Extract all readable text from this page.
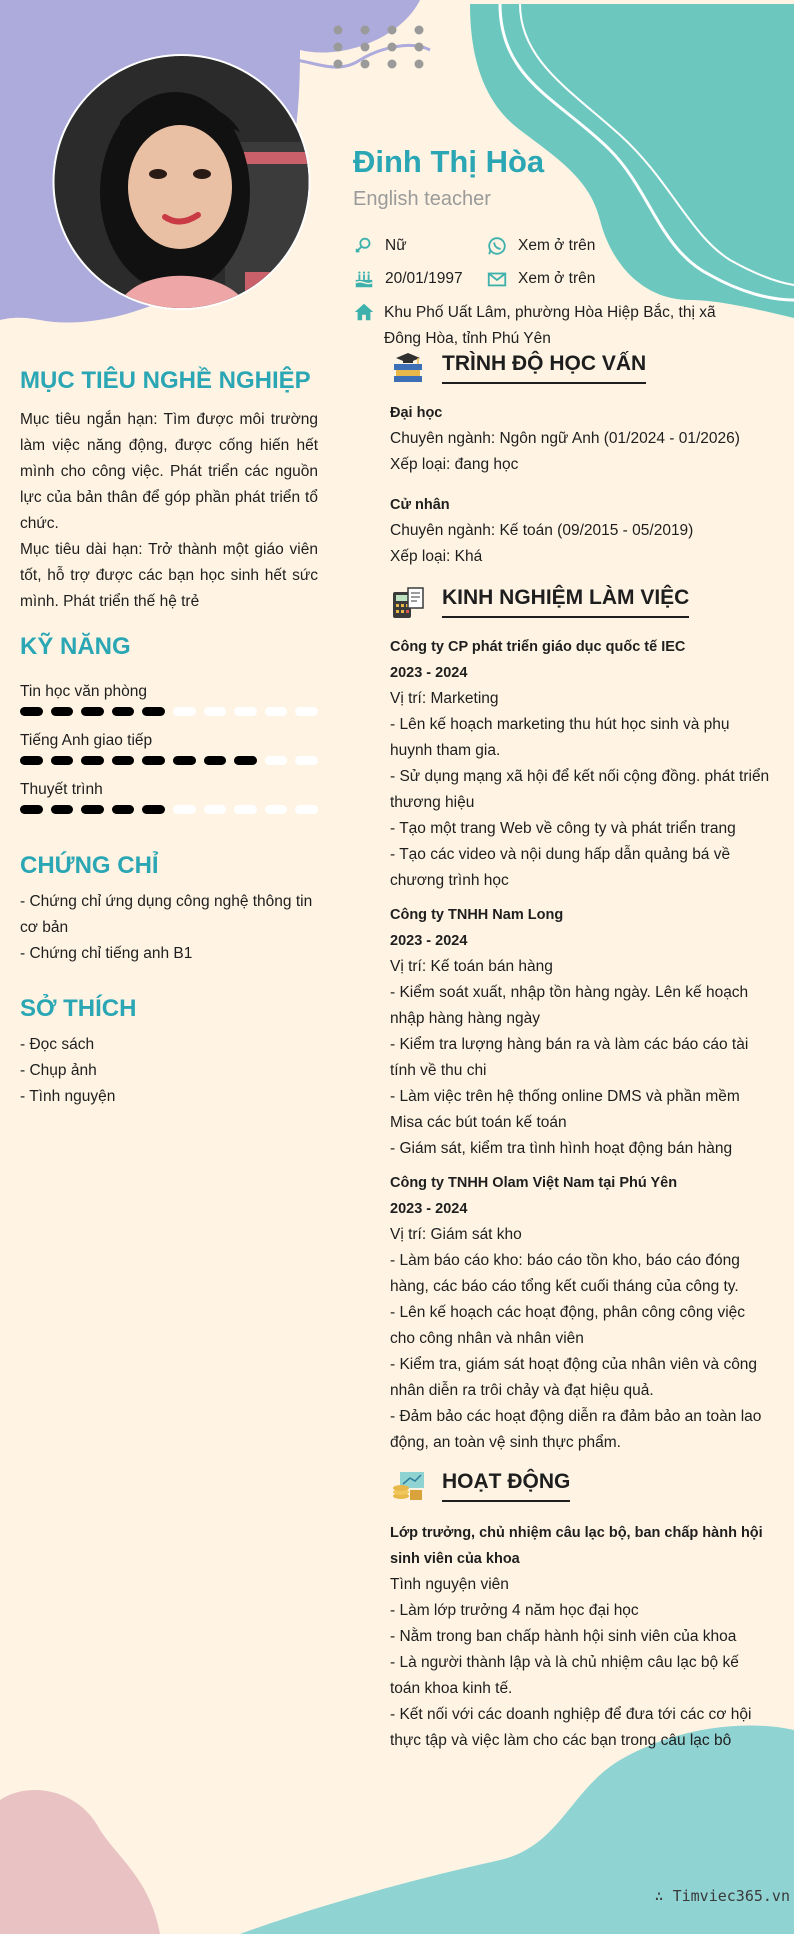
Đinh Thị Hòa
English teacher
Nữ	Xem ở trên
20/01/1997	Xem ở trên
Khu Phố Uất Lâm, phường Hòa Hiệp Bắc, thị xã
Đông Hòa, tỉnh Phú Yên
MỤC TIÊU NGHỀ NGHIỆP
Mục tiêu ngắn hạn: Tìm được môi trường làm việc năng động, được cống hiến hết mình cho công việc. Phát triển các nguồn lực của bản thân để góp phần phát triển tổ chức.
Mục tiêu dài hạn: Trở thành một giáo viên tốt, hỗ trợ được các bạn học sinh hết sức mình. Phát triển thế hệ trẻ
KỸ NĂNG
Tin học văn phòng
Tiếng Anh giao tiếp
Thuyết trình
CHỨNG CHỈ
- Chứng chỉ ứng dụng công nghệ thông tin cơ bản
- Chứng chỉ tiếng anh B1
SỞ THÍCH
- Đọc sách
- Chụp ảnh
- Tình nguyện
TRÌNH ĐỘ HỌC VẤN
Đại học
Chuyên ngành: Ngôn ngữ Anh (01/2024 - 01/2026)
Xếp loại: đang học
Cử nhân
Chuyên ngành: Kế toán (09/2015 - 05/2019)
Xếp loại: Khá
KINH NGHIỆM LÀM VIỆC
Công ty CP phát triển giáo dục quốc tế IEC
2023 - 2024
Vị trí: Marketing
- Lên kế hoạch marketing thu hút học sinh và phụ huynh tham gia.
- Sử dụng mạng xã hội để kết nối cộng đồng. phát triển thương hiệu
- Tạo một trang Web về công ty và phát triển trang
- Tạo các video và nội dung hấp dẫn quảng bá về chương trình học
Công ty TNHH Nam Long
2023 - 2024
Vị trí: Kế toán bán hàng
- Kiểm soát xuất, nhập tồn hàng ngày. Lên kế hoạch nhập hàng hàng ngày
- Kiểm tra lượng hàng bán ra và làm các báo cáo tài tính về thu chi
- Làm việc trên hệ thống online DMS và phần mềm Misa các bút toán kế toán
- Giám sát, kiểm tra tình hình hoạt động bán hàng
Công ty TNHH Olam Việt Nam tại Phú Yên
2023 - 2024
Vị trí: Giám sát kho
- Làm báo cáo kho: báo cáo tồn kho, báo cáo đóng hàng, các báo cáo tổng kết cuối tháng của công ty.
- Lên kế hoạch các hoạt động, phân công công việc cho công nhân và nhân viên
- Kiểm tra, giám sát hoạt động của nhân viên và công nhân diễn ra trôi chảy và đạt hiệu quả.
- Đảm bảo các hoạt động diễn ra đảm bảo an toàn lao động, an toàn vệ sinh thực phẩm.
HOẠT ĐỘNG
Lớp trưởng, chủ nhiệm câu lạc bộ, ban chấp hành hội sinh viên của khoa
Tình nguyện viên
- Làm lớp trưởng 4 năm học đại học
- Nằm trong ban chấp hành hội sinh viên của khoa
- Là người thành lập và là chủ nhiệm câu lạc bộ kế toán khoa kinh tế.
- Kết nối với các doanh nghiệp để đưa tới các cơ hội thực tập và việc làm cho các bạn trong câu lạc bô
∴ Timviec365.vn
